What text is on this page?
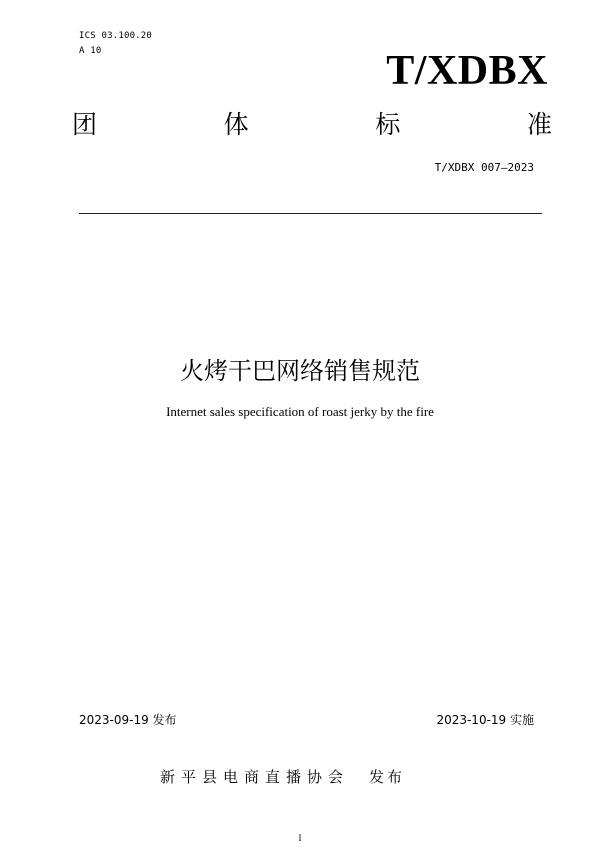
ICS 03.100.20
A 10	T/XDBX
团	体	标	准
T/XDBX 007—2023
火烤干巴网络销售规范
Internet sales specification of roast jerky by the fire
2023-09-19 发布	2023-10-19 实施
新平县电商直播协会 发布
I
